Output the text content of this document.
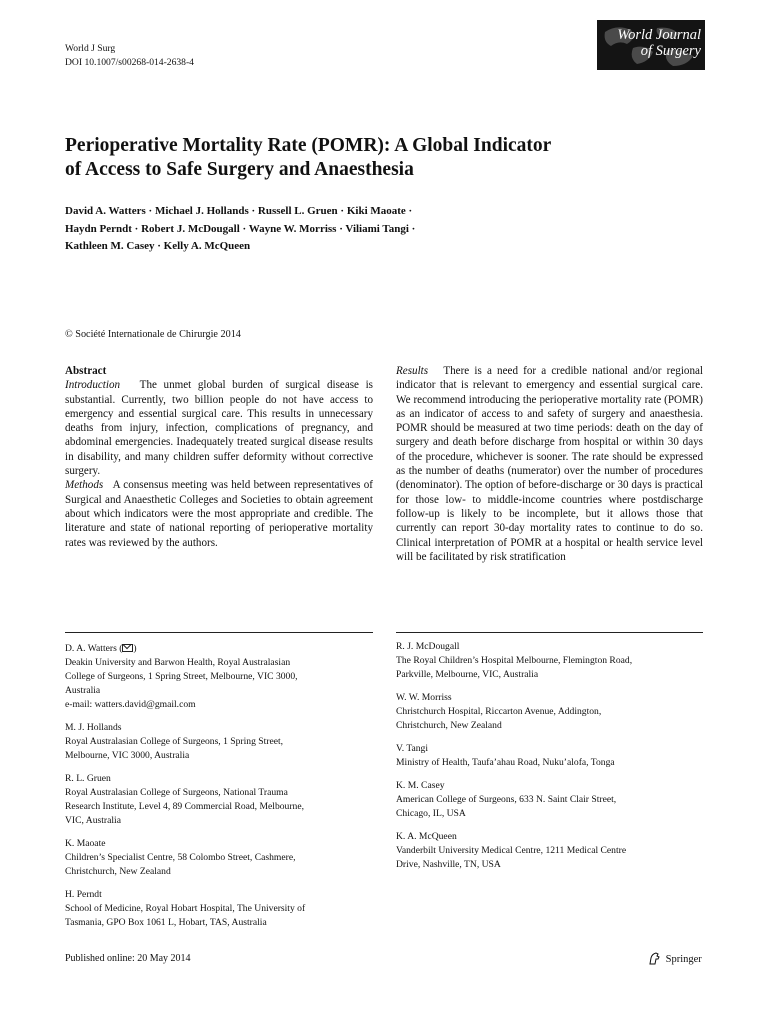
World J Surg
DOI 10.1007/s00268-014-2638-4
World Journal
of Surgery
Perioperative Mortality Rate (POMR): A Global Indicator
of Access to Safe Surgery and Anaesthesia
David A. Watters · Michael J. Hollands · Russell L. Gruen · Kiki Maoate ·
Haydn Perndt · Robert J. McDougall · Wayne W. Morriss · Viliami Tangi ·
Kathleen M. Casey · Kelly A. McQueen
© Société Internationale de Chirurgie 2014
Abstract
Introduction The unmet global burden of surgical disease is substantial. Currently, two billion people do not have access to emergency and essential surgical care. This results in unnecessary deaths from injury, infection, complications of pregnancy, and abdominal emergencies. Inadequately treated surgical disease results in disability, and many children suffer deformity without corrective surgery.
Methods A consensus meeting was held between representatives of Surgical and Anaesthetic Colleges and Societies to obtain agreement about which indicators were the most appropriate and credible. The literature and state of national reporting of perioperative mortality rates was reviewed by the authors.
Results There is a need for a credible national and/or regional indicator that is relevant to emergency and essential surgical care. We recommend introducing the perioperative mortality rate (POMR) as an indicator of access to and safety of surgery and anaesthesia. POMR should be measured at two time periods: death on the day of surgery and death before discharge from hospital or within 30 days of the procedure, whichever is sooner. The rate should be expressed as the number of deaths (numerator) over the number of procedures (denominator). The option of before-discharge or 30 days is practical for those low- to middle-income countries where postdischarge follow-up is likely to be incomplete, but it allows those that currently can report 30-day mortality rates to continue to do so. Clinical interpretation of POMR at a hospital or health service level will be facilitated by risk stratification
D. A. Watters ( )
Deakin University and Barwon Health, Royal Australasian
College of Surgeons, 1 Spring Street, Melbourne, VIC 3000,
Australia
e-mail: watters.david@gmail.com
M. J. Hollands
Royal Australasian College of Surgeons, 1 Spring Street,
Melbourne, VIC 3000, Australia
R. L. Gruen
Royal Australasian College of Surgeons, National Trauma
Research Institute, Level 4, 89 Commercial Road, Melbourne,
VIC, Australia
K. Maoate
Children’s Specialist Centre, 58 Colombo Street, Cashmere,
Christchurch, New Zealand
H. Perndt
School of Medicine, Royal Hobart Hospital, The University of
Tasmania, GPO Box 1061 L, Hobart, TAS, Australia
R. J. McDougall
The Royal Children’s Hospital Melbourne, Flemington Road,
Parkville, Melbourne, VIC, Australia
W. W. Morriss
Christchurch Hospital, Riccarton Avenue, Addington,
Christchurch, New Zealand
V. Tangi
Ministry of Health, Taufa’ahau Road, Nuku’alofa, Tonga
K. M. Casey
American College of Surgeons, 633 N. Saint Clair Street,
Chicago, IL, USA
K. A. McQueen
Vanderbilt University Medical Centre, 1211 Medical Centre
Drive, Nashville, TN, USA
Published online: 20 May 2014	Springer
